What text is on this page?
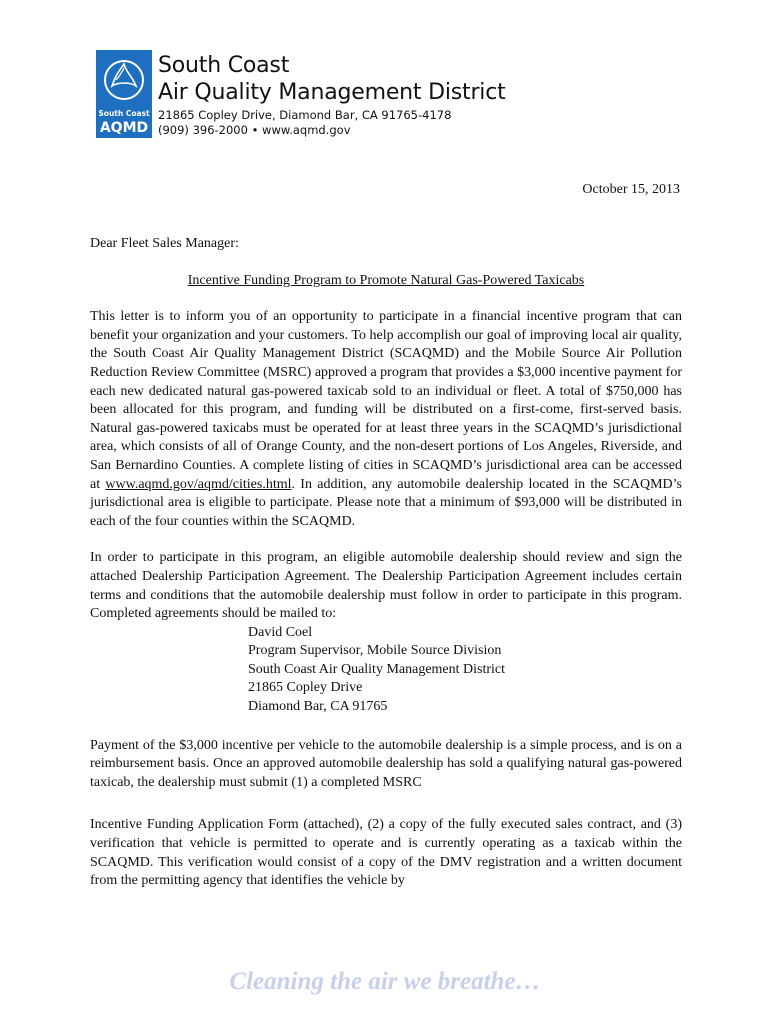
South Coast
AQMD
South Coast
Air Quality Management District
21865 Copley Drive, Diamond Bar, CA 91765-4178
(909) 396-2000 • www.aqmd.gov
October 15, 2013

Dear Fleet Sales Manager:

Incentive Funding Program to Promote Natural Gas-Powered Taxicabs

This letter is to inform you of an opportunity to participate in a financial incentive program that can benefit your organization and your customers. To help accomplish our goal of improving local air quality, the South Coast Air Quality Management District (SCAQMD) and the Mobile Source Air Pollution Reduction Review Committee (MSRC) approved a program that provides a $3,000 incentive payment for each new dedicated natural gas-powered taxicab sold to an individual or fleet. A total of $750,000 has been allocated for this program, and funding will be distributed on a first-come, first-served basis. Natural gas-powered taxicabs must be operated for at least three years in the SCAQMD’s jurisdictional area, which consists of all of Orange County, and the non-desert portions of Los Angeles, Riverside, and San Bernardino Counties. A complete listing of cities in SCAQMD’s jurisdictional area can be accessed at www.aqmd.gov/aqmd/cities.html. In addition, any automobile dealership located in the SCAQMD’s jurisdictional area is eligible to participate. Please note that a minimum of $93,000 will be distributed in each of the four counties within the SCAQMD.

In order to participate in this program, an eligible automobile dealership should review and sign the attached Dealership Participation Agreement. The Dealership Participation Agreement includes certain terms and conditions that the automobile dealership must follow in order to participate in this program. Completed agreements should be mailed to:

David Coel
Program Supervisor, Mobile Source Division
South Coast Air Quality Management District
21865 Copley Drive
Diamond Bar, CA 91765

Payment of the $3,000 incentive per vehicle to the automobile dealership is a simple process, and is on a reimbursement basis. Once an approved automobile dealership has sold a qualifying natural gas-powered taxicab, the dealership must submit (1) a completed MSRC

Incentive Funding Application Form (attached), (2) a copy of the fully executed sales contract, and (3) verification that vehicle is permitted to operate and is currently operating as a taxicab within the SCAQMD. This verification would consist of a copy of the DMV registration and a written document from the permitting agency that identifies the vehicle by

Cleaning the air we breathe…
